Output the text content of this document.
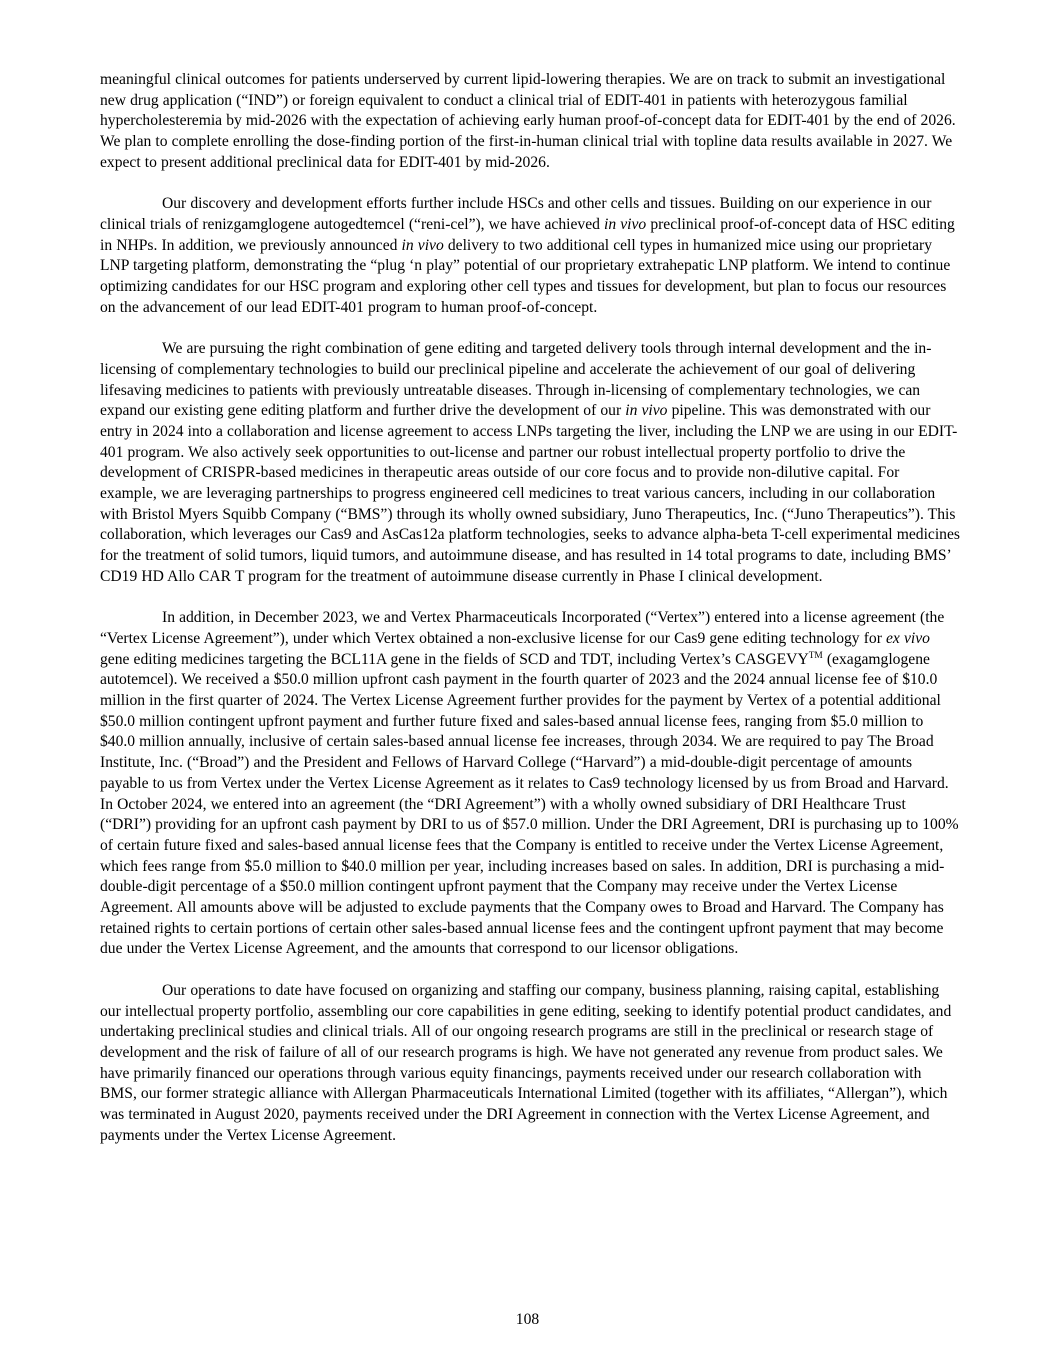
meaningful clinical outcomes for patients underserved by current lipid-lowering therapies. We are on track to submit an investigational new drug application (“IND”) or foreign equivalent to conduct a clinical trial of EDIT-401 in patients with heterozygous familial hypercholesteremia by mid-2026 with the expectation of achieving early human proof-of-concept data for EDIT-401 by the end of 2026. We plan to complete enrolling the dose-finding portion of the first-in-human clinical trial with topline data results available in 2027. We expect to present additional preclinical data for EDIT-401 by mid-2026.

Our discovery and development efforts further include HSCs and other cells and tissues. Building on our experience in our clinical trials of renizgamglogene autogedtemcel (“reni-cel”), we have achieved in vivo preclinical proof-of-concept data of HSC editing in NHPs. In addition, we previously announced in vivo delivery to two additional cell types in humanized mice using our proprietary LNP targeting platform, demonstrating the “plug ‘n play” potential of our proprietary extrahepatic LNP platform. We intend to continue optimizing candidates for our HSC program and exploring other cell types and tissues for development, but plan to focus our resources on the advancement of our lead EDIT-401 program to human proof-of-concept.

We are pursuing the right combination of gene editing and targeted delivery tools through internal development and the in-licensing of complementary technologies to build our preclinical pipeline and accelerate the achievement of our goal of delivering lifesaving medicines to patients with previously untreatable diseases. Through in-licensing of complementary technologies, we can expand our existing gene editing platform and further drive the development of our in vivo pipeline. This was demonstrated with our entry in 2024 into a collaboration and license agreement to access LNPs targeting the liver, including the LNP we are using in our EDIT-401 program. We also actively seek opportunities to out-license and partner our robust intellectual property portfolio to drive the development of CRISPR-based medicines in therapeutic areas outside of our core focus and to provide non-dilutive capital. For example, we are leveraging partnerships to progress engineered cell medicines to treat various cancers, including in our collaboration with Bristol Myers Squibb Company (“BMS”) through its wholly owned subsidiary, Juno Therapeutics, Inc. (“Juno Therapeutics”). This collaboration, which leverages our Cas9 and AsCas12a platform technologies, seeks to advance alpha-beta T-cell experimental medicines for the treatment of solid tumors, liquid tumors, and autoimmune disease, and has resulted in 14 total programs to date, including BMS’ CD19 HD Allo CAR T program for the treatment of autoimmune disease currently in Phase I clinical development.

In addition, in December 2023, we and Vertex Pharmaceuticals Incorporated (“Vertex”) entered into a license agreement (the “Vertex License Agreement”), under which Vertex obtained a non-exclusive license for our Cas9 gene editing technology for ex vivo gene editing medicines targeting the BCL11A gene in the fields of SCD and TDT, including Vertex’s CASGEVY™ (exagamglogene autotemcel). We received a $50.0 million upfront cash payment in the fourth quarter of 2023 and the 2024 annual license fee of $10.0 million in the first quarter of 2024. The Vertex License Agreement further provides for the payment by Vertex of a potential additional $50.0 million contingent upfront payment and further future fixed and sales-based annual license fees, ranging from $5.0 million to $40.0 million annually, inclusive of certain sales-based annual license fee increases, through 2034. We are required to pay The Broad Institute, Inc. (“Broad”) and the President and Fellows of Harvard College (“Harvard”) a mid-double-digit percentage of amounts payable to us from Vertex under the Vertex License Agreement as it relates to Cas9 technology licensed by us from Broad and Harvard. In October 2024, we entered into an agreement (the “DRI Agreement”) with a wholly owned subsidiary of DRI Healthcare Trust (“DRI”) providing for an upfront cash payment by DRI to us of $57.0 million. Under the DRI Agreement, DRI is purchasing up to 100% of certain future fixed and sales-based annual license fees that the Company is entitled to receive under the Vertex License Agreement, which fees range from $5.0 million to $40.0 million per year, including increases based on sales. In addition, DRI is purchasing a mid-double-digit percentage of a $50.0 million contingent upfront payment that the Company may receive under the Vertex License Agreement. All amounts above will be adjusted to exclude payments that the Company owes to Broad and Harvard. The Company has retained rights to certain portions of certain other sales-based annual license fees and the contingent upfront payment that may become due under the Vertex License Agreement, and the amounts that correspond to our licensor obligations.

Our operations to date have focused on organizing and staffing our company, business planning, raising capital, establishing our intellectual property portfolio, assembling our core capabilities in gene editing, seeking to identify potential product candidates, and undertaking preclinical studies and clinical trials. All of our ongoing research programs are still in the preclinical or research stage of development and the risk of failure of all of our research programs is high. We have not generated any revenue from product sales. We have primarily financed our operations through various equity financings, payments received under our research collaboration with BMS, our former strategic alliance with Allergan Pharmaceuticals International Limited (together with its affiliates, “Allergan”), which was terminated in August 2020, payments received under the DRI Agreement in connection with the Vertex License Agreement, and payments under the Vertex License Agreement.

108
